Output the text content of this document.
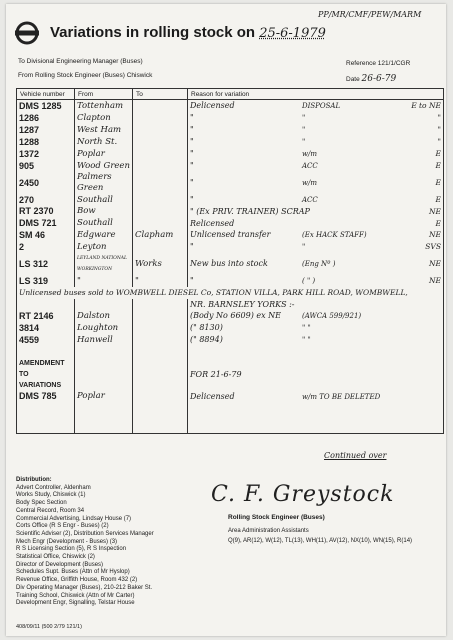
Variations in rolling stock on 25-6-1979
PP/MR/CMF/PEW/MARM
To Divisional Engineering Manager (Buses)
From Rolling Stock Engineer (Buses) Chiswick
Reference 121/1/CGR
Date 26-6-79
Vehicle number	From	To	Reason for variation
DMS 1285	Tottenham		Delicensed DISPOSAL E to NE

1286	Clapton		" " "

1287	West Ham		" " "

1288	North St.		" " "

1372	Poplar		" w/m E

905	Wood Green		" ACC E

2450	Palmers Green		" w/m E

270	Southall		" ACC E

RT 2370	Bow		" (Ex PRIV. TRAINER) SCRAP NE

DMS 721	Southall		Relicensed E

SM 46	Edgware	Clapham	Unlicensed transfer (Ex HACK STAFF) NE

2	Leyton		" " SVS

LS 312	LEYLAND NATIONAL WORKINGTON	Works	New bus into stock (Eng Nº ) NE

LS 319	"	"	" ( " ) NE

Unlicensed buses sold to WOMBWELL DIESEL Co, STATION VILLA, PARK HILL ROAD, WOMBWELL,			
			NR. BARNSLEY YORKS :-

RT 2146	Dalston		(Body No 6609) ex NE (AWCA 599/921)

3814	Loughton		(" 8130) " "

4559	Hanwell		(" 8894) " "

AMENDMENT TO VARIATIONS			FOR 21-6-79

DMS 785	Poplar		Delicensed w/m TO BE DELETED

Continued over
Distribution:
Advert Controller, Aldenham
Works Study, Chiswick (1)
Body Spec Section
Central Record, Room 34
Commercial Advertising, Lindsay House (7)
Corts Office (R S Engr - Buses) (2)
Scientific Adviser (2), Distribution Services Manager
Mech Engr (Development - Buses) (3)
R S Licensing Section (5), R S Inspection
Statistical Office, Chiswick (2)
Director of Development (Buses)
Schedules Supt. Buses (Attn of Mr Hyslop)
Revenue Office, Griffith House, Room 432 (2)
Div Operating Manager (Buses), 210-212 Baker St.
Training School, Chiswick (Attn of Mr Carter)
Development Engr, Signalling, Telstar House
408/09/11 (500 2/79 121/1)
C. F. Greystock
Rolling Stock Engineer (Buses)
Area Administration Assistants
Q(9), AR(12), W(12), TL(13), WH(11), AV(12), NX(10), WN(15), R(14)
